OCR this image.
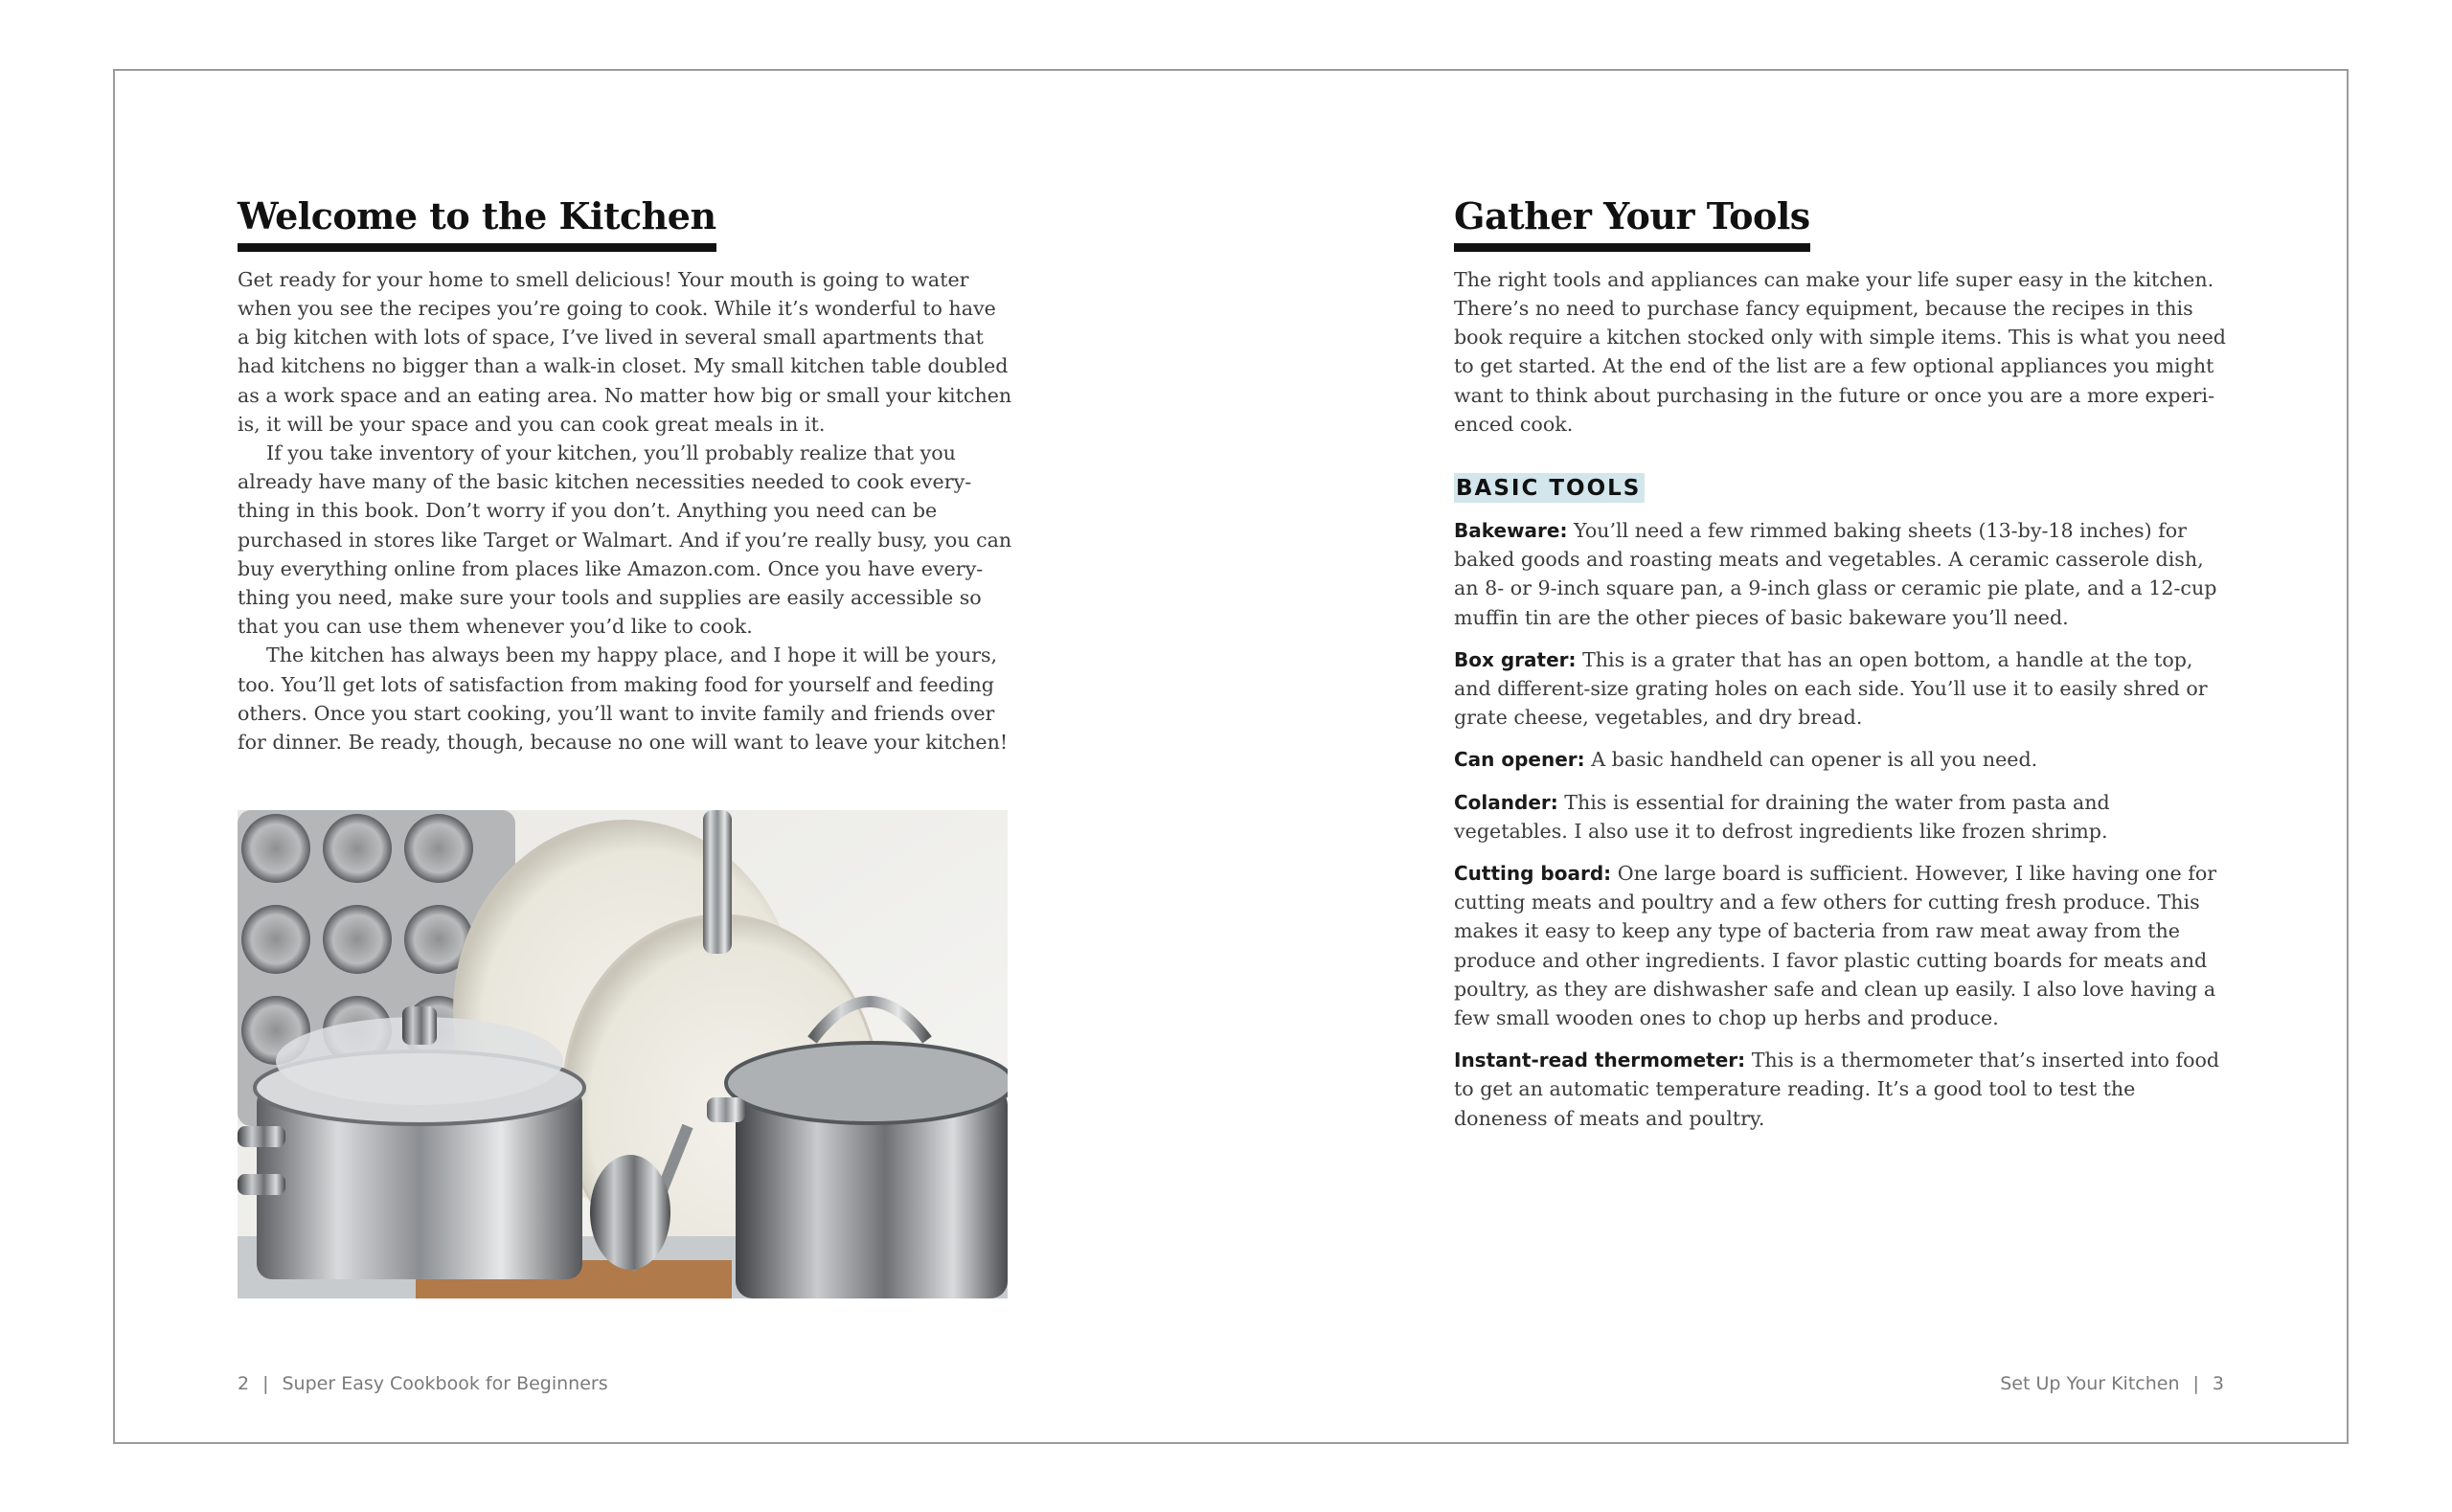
Welcome to the Kitchen

Get ready for your home to smell delicious! Your mouth is going to water when you see the recipes you’re going to cook. While it’s wonderful to have a big kitchen with lots of space, I’ve lived in several small apartments that had kitchens no bigger than a walk-in closet. My small kitchen table doubled as a work space and an eating area. No matter how big or small your kitchen is, it will be your space and you can cook great meals in it.

If you take inventory of your kitchen, you’ll probably realize that you already have many of the basic kitchen necessities needed to cook everything in this book. Don’t worry if you don’t. Anything you need can be purchased in stores like Target or Walmart. And if you’re really busy, you can buy everything online from places like Amazon.com. Once you have everything you need, make sure your tools and supplies are easily accessible so that you can use them whenever you’d like to cook.

The kitchen has always been my happy place, and I hope it will be yours, too. You’ll get lots of satisfaction from making food for yourself and feeding others. Once you start cooking, you’ll want to invite family and friends over for dinner. Be ready, though, because no one will want to leave your kitchen!

2 | Super Easy Cookbook for Beginners
Gather Your Tools
The right tools and appliances can make your life super easy in the kitchen. There’s no need to purchase fancy equipment, because the recipes in this book require a kitchen stocked only with simple items. This is what you need to get started. At the end of the list are a few optional appliances you might want to think about purchasing in the future or once you are a more experienced cook.
BASIC TOOLS

Bakeware: You’ll need a few rimmed baking sheets (13-by-18 inches) for baked goods and roasting meats and vegetables. A ceramic casserole dish, an 8- or 9-inch square pan, a 9-inch glass or ceramic pie plate, and a 12-cup muffin tin are the other pieces of basic bakeware you’ll need.

Box grater: This is a grater that has an open bottom, a handle at the top, and different-size grating holes on each side. You’ll use it to easily shred or grate cheese, vegetables, and dry bread.

Can opener: A basic handheld can opener is all you need.

Colander: This is essential for draining the water from pasta and vegetables. I also use it to defrost ingredients like frozen shrimp.

Cutting board: One large board is sufficient. However, I like having one for cutting meats and poultry and a few others for cutting fresh produce. This makes it easy to keep any type of bacteria from raw meat away from the produce and other ingredients. I favor plastic cutting boards for meats and poultry, as they are dishwasher safe and clean up easily. I also love having a few small wooden ones to chop up herbs and produce.

Instant-read thermometer: This is a thermometer that’s inserted into food to get an automatic temperature reading. It’s a good tool to test the doneness of meats and poultry.

Set Up Your Kitchen | 3
